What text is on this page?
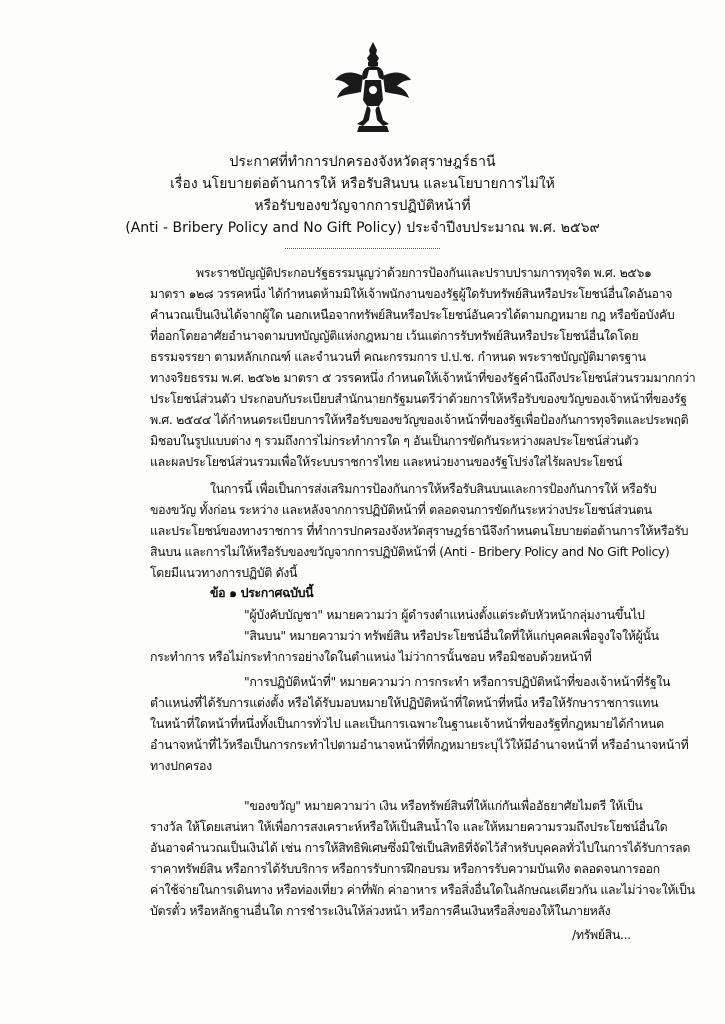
ประกาศที่ทำการปกครองจังหวัดสุราษฎร์ธานี
เรื่อง นโยบายต่อต้านการให้ หรือรับสินบน และนโยบายการไม่ให้
หรือรับของขวัญจากการปฏิบัติหน้าที่
(Anti - Bribery Policy and No Gift Policy) ประจำปีงบประมาณ พ.ศ. ๒๕๖๙
พระราชบัญญัติประกอบรัฐธรรมนูญว่าด้วยการป้องกันและปราบปรามการทุจริต พ.ศ. ๒๕๖๑
มาตรา ๑๒๘ วรรคหนึ่ง ได้กำหนดห้ามมิให้เจ้าพนักงานของรัฐผู้ใดรับทรัพย์สินหรือประโยชน์อื่นใดอันอาจ
คำนวณเป็นเงินได้จากผู้ใด นอกเหนือจากทรัพย์สินหรือประโยชน์อันควรได้ตามกฎหมาย กฎ หรือข้อบังคับ
ที่ออกโดยอาศัยอำนาจตามบทบัญญัติแห่งกฎหมาย เว้นแต่การรับทรัพย์สินหรือประโยชน์อื่นใดโดย
ธรรมจรรยา ตามหลักเกณฑ์ และจำนวนที่ คณะกรรมการ ป.ป.ช. กำหนด พระราชบัญญัติมาตรฐาน
ทางจริยธรรม พ.ศ. ๒๕๖๒ มาตรา ๕ วรรคหนึ่ง กำหนดให้เจ้าหน้าที่ของรัฐคำนึงถึงประโยชน์ส่วนรวมมากกว่า
ประโยชน์ส่วนตัว ประกอบกับระเบียบสำนักนายกรัฐมนตรีว่าด้วยการให้หรือรับของขวัญของเจ้าหน้าที่ของรัฐ
พ.ศ. ๒๕๔๔ ได้กำหนดระเบียบการให้หรือรับของขวัญของเจ้าหน้าที่ของรัฐเพื่อป้องกันการทุจริตและประพฤติ
มิชอบในรูปแบบต่าง ๆ รวมถึงการไม่กระทำการใด ๆ อันเป็นการขัดกันระหว่างผลประโยชน์ส่วนตัว
และผลประโยชน์ส่วนรวมเพื่อให้ระบบราชการไทย และหน่วยงานของรัฐโปร่งใสไร้ผลประโยชน์
ในการนี้ เพื่อเป็นการส่งเสริมการป้องกันการให้หรือรับสินบนและการป้องกันการให้ หรือรับ
ของขวัญ ทั้งก่อน ระหว่าง และหลังจากการปฏิบัติหน้าที่ ตลอดจนการขัดกันระหว่างประโยชน์ส่วนตน
และประโยชน์ของทางราชการ ที่ทำการปกครองจังหวัดสุราษฎร์ธานีจึงกำหนดนโยบายต่อต้านการให้หรือรับ
สินบน และการไม่ให้หรือรับของขวัญจากการปฏิบัติหน้าที่ (Anti - Bribery Policy and No Gift Policy)
โดยมีแนวทางการปฏิบัติ ดังนี้
ข้อ ๑ ประกาศฉบับนี้
"ผู้บังคับบัญชา" หมายความว่า ผู้ดำรงตำแหน่งตั้งแต่ระดับหัวหน้ากลุ่มงานขึ้นไป
"สินบน" หมายความว่า ทรัพย์สิน หรือประโยชน์อื่นใดที่ให้แก่บุคคลเพื่อจูงใจให้ผู้นั้น
กระทำการ หรือไม่กระทำการอย่างใดในตำแหน่ง ไม่ว่าการนั้นชอบ หรือมิชอบด้วยหน้าที่
"การปฏิบัติหน้าที่" หมายความว่า การกระทำ หรือการปฏิบัติหน้าที่ของเจ้าหน้าที่รัฐใน
ตำแหน่งที่ได้รับการแต่งตั้ง หรือได้รับมอบหมายให้ปฏิบัติหน้าที่ใดหน้าที่หนึ่ง หรือให้รักษาราชการแทน
ในหน้าที่ใดหน้าที่หนึ่งทั้งเป็นการทั่วไป และเป็นการเฉพาะในฐานะเจ้าหน้าที่ของรัฐที่กฎหมายได้กำหนด
อำนาจหน้าที่ไว้หรือเป็นการกระทำไปตามอำนาจหน้าที่ที่กฎหมายระบุไว้ให้มีอำนาจหน้าที่ หรืออำนาจหน้าที่
ทางปกครอง
"ของขวัญ" หมายความว่า เงิน หรือทรัพย์สินที่ให้แก่กันเพื่ออัธยาศัยไมตรี ให้เป็น
รางวัล ให้โดยเสน่หา ให้เพื่อการสงเคราะห์หรือให้เป็นสินน้ำใจ และให้หมายความรวมถึงประโยชน์อื่นใด
อันอาจคำนวณเป็นเงินได้ เช่น การให้สิทธิพิเศษซึ่งมิใช่เป็นสิทธิที่จัดไว้สำหรับบุคคลทั่วไปในการได้รับการลด
ราคาทรัพย์สิน หรือการได้รับบริการ หรือการรับการฝึกอบรม หรือการรับความบันเทิง ตลอดจนการออก
ค่าใช้จ่ายในการเดินทาง หรือท่องเที่ยว ค่าที่พัก ค่าอาหาร หรือสิ่งอื่นใดในลักษณะเดียวกัน และไม่ว่าจะให้เป็น
บัตรตั๋ว หรือหลักฐานอื่นใด การชำระเงินให้ล่วงหน้า หรือการคืนเงินหรือสิ่งของให้ในภายหลัง
/ทรัพย์สิน...
